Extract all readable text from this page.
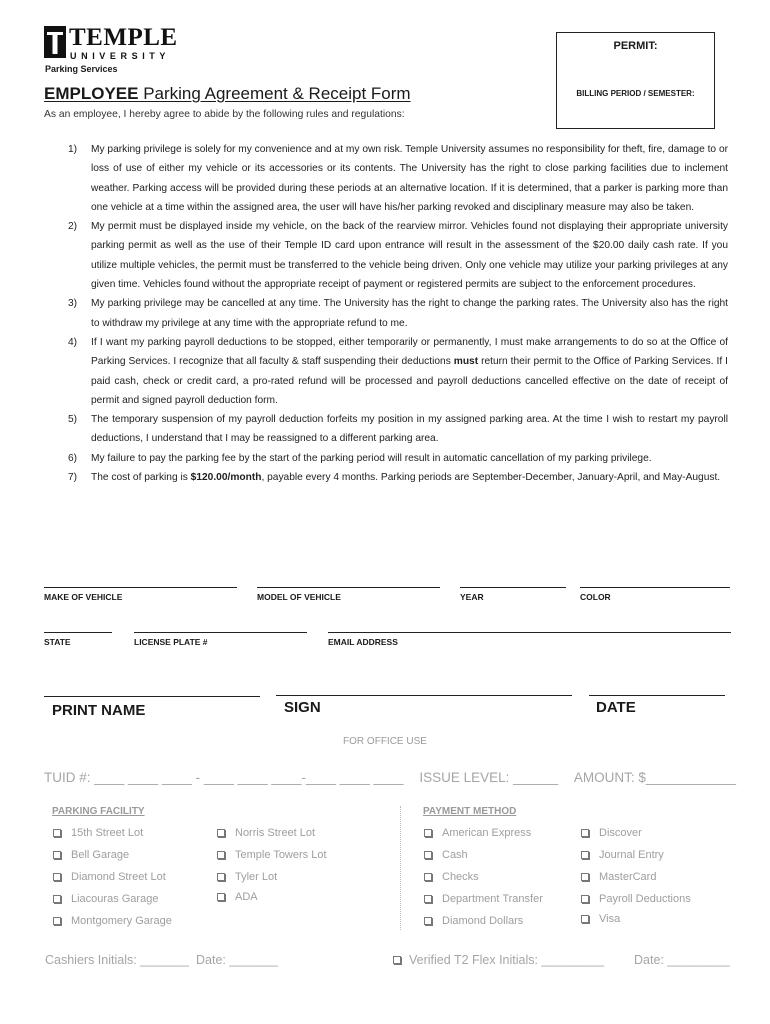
TEMPLE
UNIVERSITY
Parking Services
PERMIT:
BILLING PERIOD / SEMESTER:
EMPLOYEE Parking Agreement & Receipt Form
As an employee, I hereby agree to abide by the following rules and regulations:
1)	My parking privilege is solely for my convenience and at my own risk. Temple University assumes no responsibility for theft, fire, damage to or loss of use of either my vehicle or its accessories or its contents. The University has the right to close parking facilities due to inclement weather. Parking access will be provided during these periods at an alternative location. If it is determined, that a parker is parking more than one vehicle at a time within the assigned area, the user will have his/her parking revoked and disciplinary measure may also be taken.
2)	My permit must be displayed inside my vehicle, on the back of the rearview mirror. Vehicles found not displaying their appropriate university parking permit as well as the use of their Temple ID card upon entrance will result in the assessment of the $20.00 daily cash rate. If you utilize multiple vehicles, the permit must be transferred to the vehicle being driven. Only one vehicle may utilize your parking privileges at any given time. Vehicles found without the appropriate receipt of payment or registered permits are subject to the enforcement procedures.
3)	My parking privilege may be cancelled at any time. The University has the right to change the parking rates. The University also has the right to withdraw my privilege at any time with the appropriate refund to me.
4)	If I want my parking payroll deductions to be stopped, either temporarily or permanently, I must make arrangements to do so at the Office of Parking Services. I recognize that all faculty & staff suspending their deductions must return their permit to the Office of Parking Services. If I paid cash, check or credit card, a pro-rated refund will be processed and payroll deductions cancelled effective on the date of receipt of permit and signed payroll deduction form.
5)	The temporary suspension of my payroll deduction forfeits my position in my assigned parking area. At the time I wish to restart my payroll deductions, I understand that I may be reassigned to a different parking area.
6)	My failure to pay the parking fee by the start of the parking period will result in automatic cancellation of my parking privilege.
7)	The cost of parking is $120.00/month, payable every 4 months. Parking periods are September-December, January-April, and May-August.
MAKE OF VEHICLE	MODEL OF VEHICLE	YEAR	COLOR
STATE	LICENSE PLATE #	EMAIL ADDRESS
PRINT NAME	SIGN	DATE
FOR OFFICE USE
TUID #: ____ ____ ____ - ____ ____ ____-____ ____ ____ ISSUE LEVEL: ______ AMOUNT: $____________
PARKING FACILITY	PAYMENT METHOD
15th Street Lot
Bell Garage
Diamond Street Lot
Liacouras Garage
Montgomery Garage
Norris Street Lot
Temple Towers Lot
Tyler Lot
ADA
American Express
Cash
Checks
Department Transfer
Diamond Dollars
Discover
Journal Entry
MasterCard
Payroll Deductions
Visa
Cashiers Initials: _______ Date: _______	Verified T2 Flex Initials: _________ Date: _________
